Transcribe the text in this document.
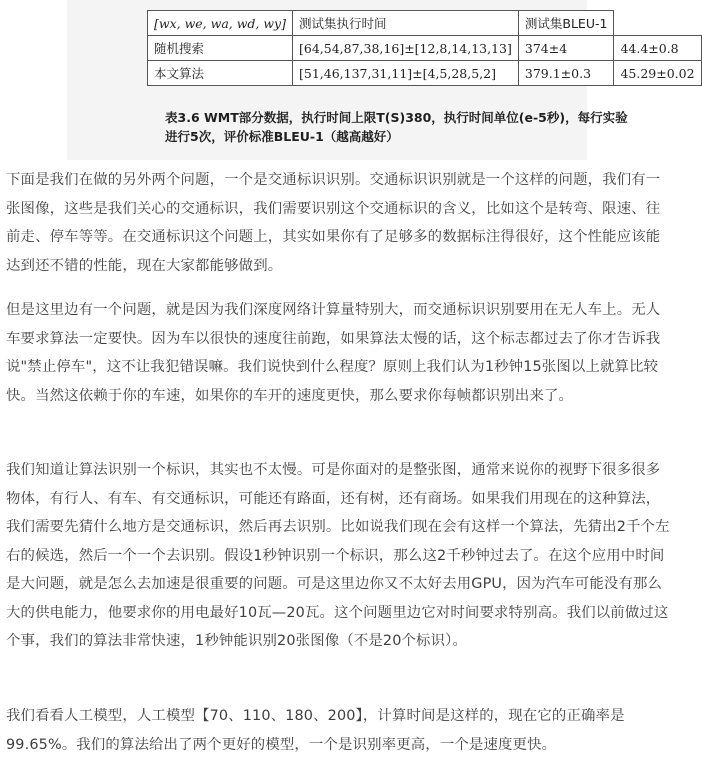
[wx, we, wa, wd, wy]	测试集执行时间	测试集BLEU-1	
随机搜索	[64,54,87,38,16]±[12,8,14,13,13]	374±4	44.4±0.8
本文算法	[51,46,137,31,11]±[4,5,28,5,2]	379.1±0.3	45.29±0.02
表3.6 WMT部分数据，执行时间上限T(S)380，执行时间单位(e-5秒)，每行实验进行5次，评价标准BLEU-1（越高越好）

下面是我们在做的另外两个问题，一个是交通标识识别。交通标识识别就是一个这样的问题，我们有一张图像，这些是我们关心的交通标识，我们需要识别这个交通标识的含义，比如这个是转弯、限速、往前走、停车等等。在交通标识这个问题上，其实如果你有了足够多的数据标注得很好，这个性能应该能达到还不错的性能，现在大家都能够做到。

但是这里边有一个问题，就是因为我们深度网络计算量特别大，而交通标识识别要用在无人车上。无人车要求算法一定要快。因为车以很快的速度往前跑，如果算法太慢的话，这个标志都过去了你才告诉我说"禁止停车"，这不让我犯错误嘛。我们说快到什么程度？原则上我们认为1秒钟15张图以上就算比较快。当然这依赖于你的车速，如果你的车开的速度更快，那么要求你每帧都识别出来了。

我们知道让算法识别一个标识，其实也不太慢。可是你面对的是整张图，通常来说你的视野下很多很多物体，有行人、有车、有交通标识，可能还有路面，还有树，还有商场。如果我们用现在的这种算法，我们需要先猜什么地方是交通标识，然后再去识别。比如说我们现在会有这样一个算法，先猜出2千个左右的候选，然后一个一个去识别。假设1秒钟识别一个标识，那么这2千秒钟过去了。在这个应用中时间是大问题，就是怎么去加速是很重要的问题。可是这里边你又不太好去用GPU，因为汽车可能没有那么大的供电能力，他要求你的用电最好10瓦—20瓦。这个问题里边它对时间要求特别高。我们以前做过这个事，我们的算法非常快速，1秒钟能识别20张图像（不是20个标识）。

我们看看人工模型，人工模型【70、110、180、200】，计算时间是这样的，现在它的正确率是99.65%。我们的算法给出了两个更好的模型，一个是识别率更高，一个是速度更快。
